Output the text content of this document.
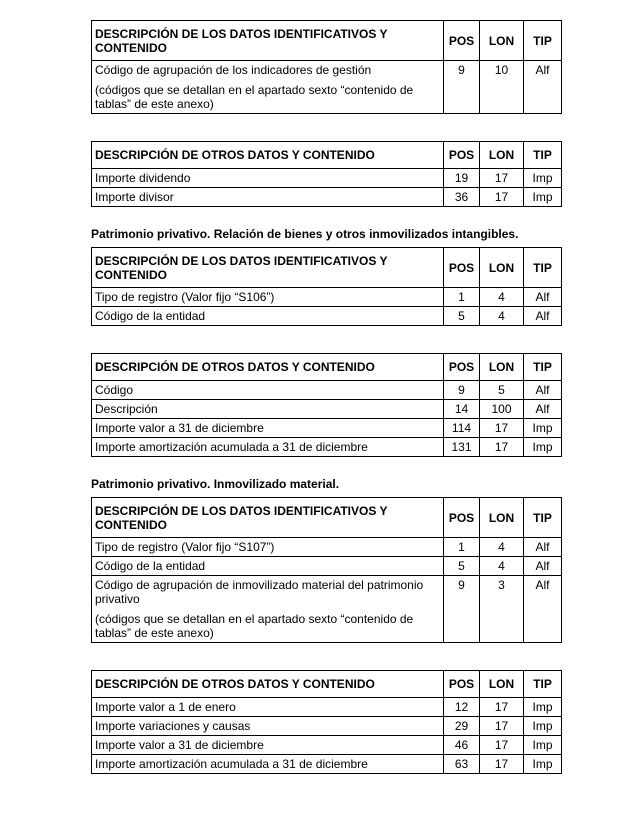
DESCRIPCIÓN DE LOS DATOS IDENTIFICATIVOS Y CONTENIDO	POS	LON	TIP
Código de agrupación de los indicadores de gestión
(códigos que se detallan en el apartado sexto “contenido de tablas” de este anexo)	9	10	Alf
DESCRIPCIÓN DE OTROS DATOS Y CONTENIDO	POS	LON	TIP
Importe dividendo	19	17	Imp
Importe divisor	36	17	Imp

Patrimonio privativo. Relación de bienes y otros inmovilizados intangibles.

DESCRIPCIÓN DE LOS DATOS IDENTIFICATIVOS Y CONTENIDO	POS	LON	TIP
Tipo de registro (Valor fijo “S106”)	1	4	Alf
Código de la entidad	5	4	Alf
DESCRIPCIÓN DE OTROS DATOS Y CONTENIDO	POS	LON	TIP
Código	9	5	Alf
Descripción	14	100	Alf
Importe valor a 31 de diciembre	114	17	Imp
Importe amortización acumulada a 31 de diciembre	131	17	Imp

Patrimonio privativo. Inmovilizado material.

DESCRIPCIÓN DE LOS DATOS IDENTIFICATIVOS Y CONTENIDO	POS	LON	TIP
Tipo de registro (Valor fijo “S107”)	1	4	Alf
Código de la entidad	5	4	Alf
Código de agrupación de inmovilizado material del patrimonio privativo
(códigos que se detallan en el apartado sexto “contenido de tablas” de este anexo)	9	3	Alf
DESCRIPCIÓN DE OTROS DATOS Y CONTENIDO	POS	LON	TIP
Importe valor a 1 de enero	12	17	Imp
Importe variaciones y causas	29	17	Imp
Importe valor a 31 de diciembre	46	17	Imp
Importe amortización acumulada a 31 de diciembre	63	17	Imp
